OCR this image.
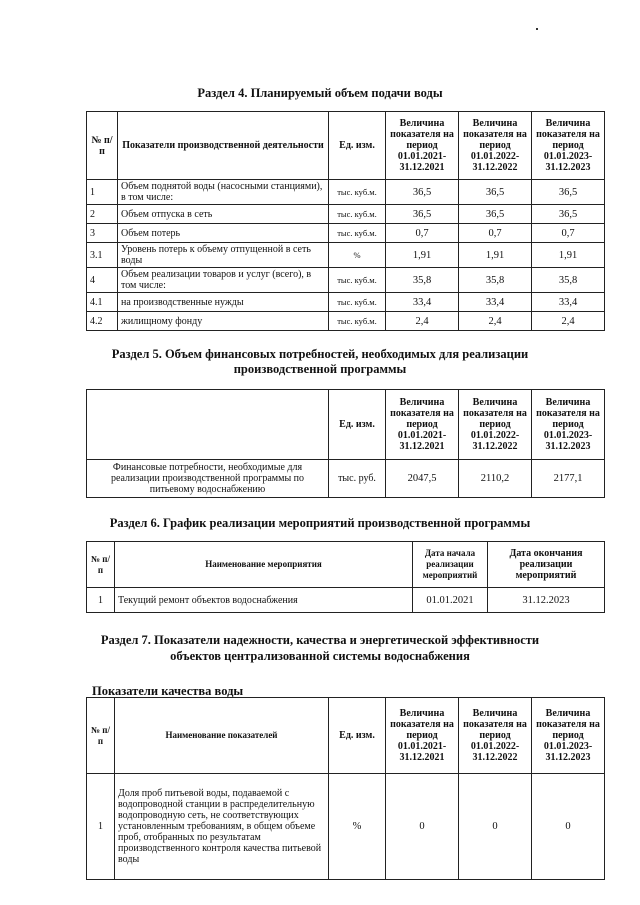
Раздел 4. Планируемый объем подачи воды
№ п/п	Показатели производственной деятельности	Ед. изм.	Величина показателя на период 01.01.2021-31.12.2021	Величина показателя на период 01.01.2022-31.12.2022	Величина показателя на период 01.01.2023-31.12.2023
1	Объем поднятой воды (насосными станциями), в том числе:	тыс. куб.м.	36,5	36,5	36,5
2	Объем отпуска в сеть	тыс. куб.м.	36,5	36,5	36,5
3	Объем потерь	тыс. куб.м.	0,7	0,7	0,7
3.1	Уровень потерь к объему отпущенной в сеть воды	%	1,91	1,91	1,91
4	Объем реализации товаров и услуг (всего), в том числе:	тыс. куб.м.	35,8	35,8	35,8
4.1	на производственные нужды	тыс. куб.м.	33,4	33,4	33,4
4.2	жилищному фонду	тыс. куб.м.	2,4	2,4	2,4
Раздел 5. Объем финансовых потребностей, необходимых для реализации
производственной программы
	Ед. изм.	Величина показателя на период 01.01.2021-31.12.2021	Величина показателя на период 01.01.2022-31.12.2022	Величина показателя на период 01.01.2023-31.12.2023
Финансовые потребности, необходимые для реализации производственной программы по питьевому водоснабжению	тыс. руб.	2047,5	2110,2	2177,1
Раздел 6. График реализации мероприятий производственной программы
№ п/п	Наименование мероприятия	Дата начала реализации мероприятий	Дата окончания реализации мероприятий
1	Текущий ремонт объектов водоснабжения	01.01.2021	31.12.2023
Раздел 7. Показатели надежности, качества и энергетической эффективности
объектов централизованной системы водоснабжения
Показатели качества воды
№ п/п	Наименование показателей	Ед. изм.	Величина показателя на период 01.01.2021-31.12.2021	Величина показателя на период 01.01.2022-31.12.2022	Величина показателя на период 01.01.2023-31.12.2023
1	Доля проб питьевой воды, подаваемой с водопроводной станции в распределительную водопроводную сеть, не соответствующих установленным требованиям, в общем объеме проб, отобранных по результатам производственного контроля качества питьевой воды	%	0	0	0
